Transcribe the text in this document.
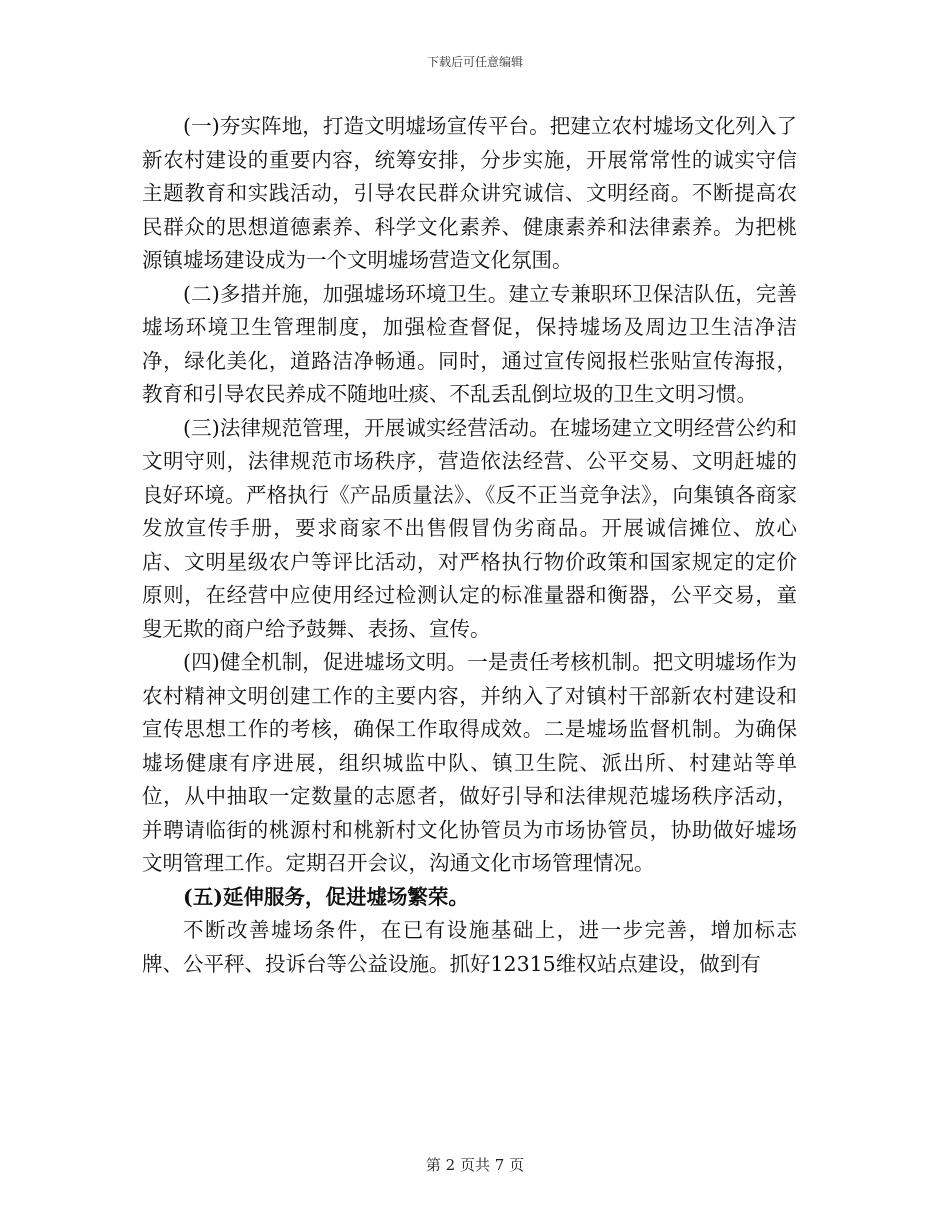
下载后可任意编辑

(一)夯实阵地，打造文明墟场宣传平台。把建立农村墟场文化列入了新农村建设的重要内容，统筹安排，分步实施，开展常常性的诚实守信主题教育和实践活动，引导农民群众讲究诚信、文明经商。不断提高农民群众的思想道德素养、科学文化素养、健康素养和法律素养。为把桃源镇墟场建设成为一个文明墟场营造文化氛围。

(二)多措并施，加强墟场环境卫生。建立专兼职环卫保洁队伍，完善墟场环境卫生管理制度，加强检查督促，保持墟场及周边卫生洁净洁净，绿化美化，道路洁净畅通。同时，通过宣传阅报栏张贴宣传海报，教育和引导农民养成不随地吐痰、不乱丢乱倒垃圾的卫生文明习惯。

(三)法律规范管理，开展诚实经营活动。在墟场建立文明经营公约和文明守则，法律规范市场秩序，营造依法经营、公平交易、文明赶墟的良好环境。严格执行《产品质量法》、《反不正当竞争法》，向集镇各商家发放宣传手册，要求商家不出售假冒伪劣商品。开展诚信摊位、放心店、文明星级农户等评比活动，对严格执行物价政策和国家规定的定价原则，在经营中应使用经过检测认定的标准量器和衡器，公平交易，童叟无欺的商户给予鼓舞、表扬、宣传。

(四)健全机制，促进墟场文明。一是责任考核机制。把文明墟场作为农村精神文明创建工作的主要内容，并纳入了对镇村干部新农村建设和宣传思想工作的考核，确保工作取得成效。二是墟场监督机制。为确保墟场健康有序进展，组织城监中队、镇卫生院、派出所、村建站等单位，从中抽取一定数量的志愿者，做好引导和法律规范墟场秩序活动，并聘请临街的桃源村和桃新村文化协管员为市场协管员，协助做好墟场文明管理工作。定期召开会议，沟通文化市场管理情况。

(五)延伸服务，促进墟场繁荣。

不断改善墟场条件，在已有设施基础上，进一步完善，增加标志牌、公平秤、投诉台等公益设施。抓好12315维权站点建设，做到有

第 2 页共 7 页
